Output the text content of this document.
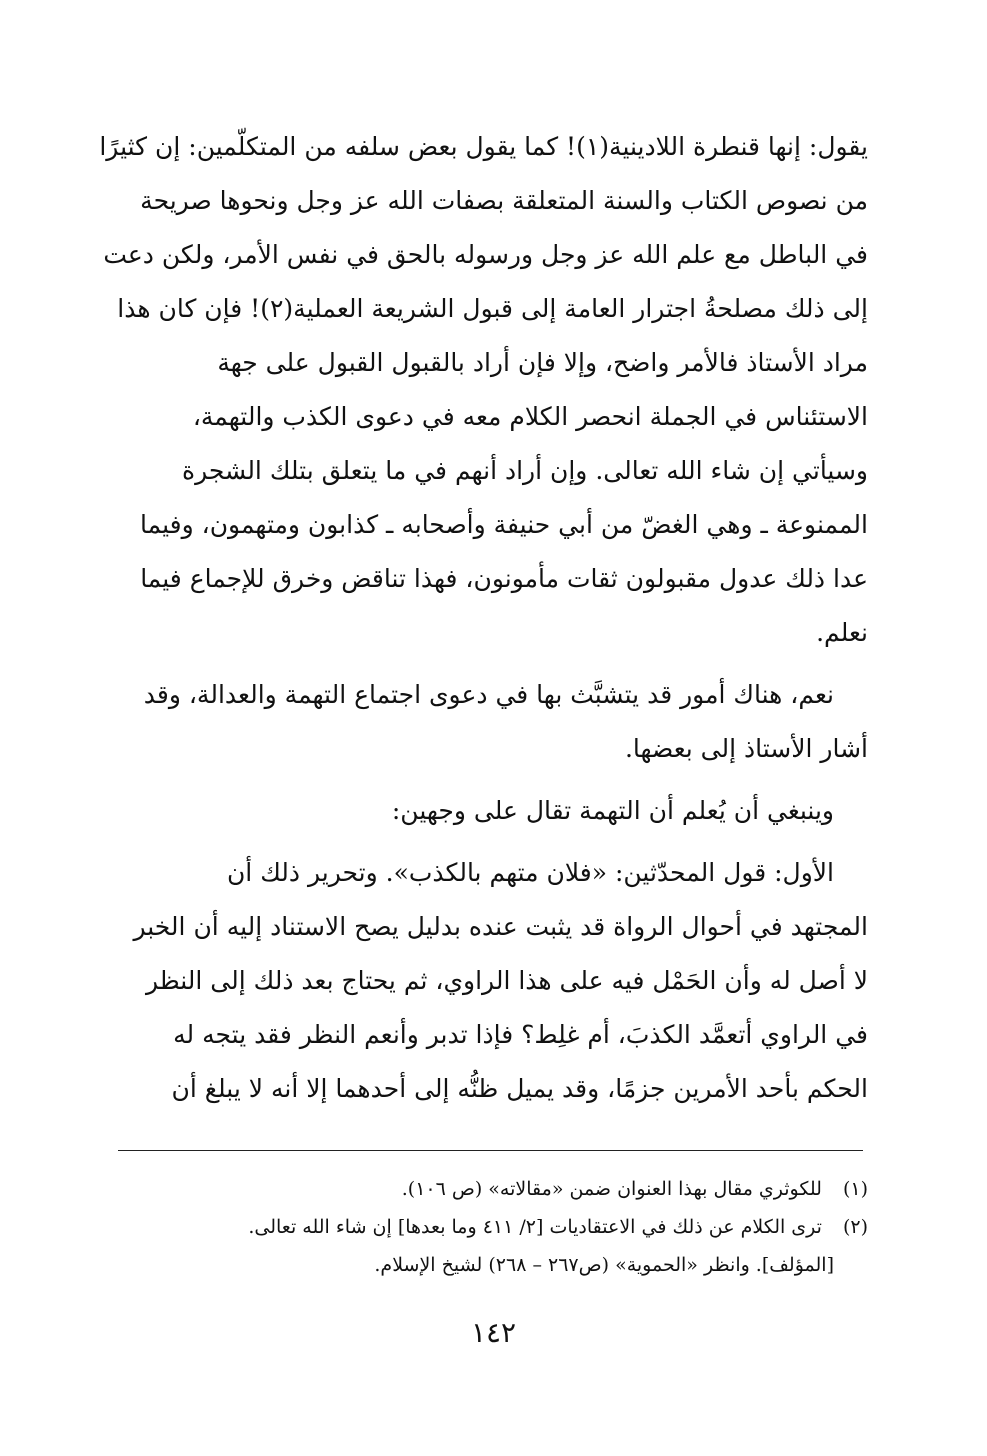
يقول: إنها قنطرة اللادينية(١)! كما يقول بعض سلفه من المتكلّمين: إن كثيرًا
من نصوص الكتاب والسنة المتعلقة بصفات الله عز وجل ونحوها صريحة
في الباطل مع علم الله عز وجل ورسوله بالحق في نفس الأمر، ولكن دعت
إلى ذلك مصلحةُ اجترار العامة إلى قبول الشريعة العملية(٢)! فإن كان هذا
مراد الأستاذ فالأمر واضح، وإلا فإن أراد بالقبول القبول على جهة
الاستئناس في الجملة انحصر الكلام معه في دعوى الكذب والتهمة،
وسيأتي إن شاء الله تعالى. وإن أراد أنهم في ما يتعلق بتلك الشجرة
الممنوعة ـ وهي الغضّ من أبي حنيفة وأصحابه ـ كذابون ومتهمون، وفيما
عدا ذلك عدول مقبولون ثقات مأمونون، فهذا تناقض وخرق للإجماع فيما
نعلم.

نعم، هناك أمور قد يتشبَّث بها في دعوى اجتماع التهمة والعدالة، وقد
أشار الأستاذ إلى بعضها.

وينبغي أن يُعلم أن التهمة تقال على وجهين:

الأول: قول المحدّثين: «فلان متهم بالكذب». وتحرير ذلك أن
المجتهد في أحوال الرواة قد يثبت عنده بدليل يصح الاستناد إليه أن الخبر
لا أصل له وأن الحَمْل فيه على هذا الراوي، ثم يحتاج بعد ذلك إلى النظر
في الراوي أتعمَّد الكذبَ، أم غلِط؟ فإذا تدبر وأنعم النظر فقد يتجه له
الحكم بأحد الأمرين جزمًا، وقد يميل ظنُّه إلى أحدهما إلا أنه لا يبلغ أن

(١) للكوثري مقال بهذا العنوان ضمن «مقالاته» (ص ١٠٦).
(٢) ترى الكلام عن ذلك في الاعتقاديات [٢/ ٤١١ وما بعدها] إن شاء الله تعالى.
[المؤلف]. وانظر «الحموية» (ص٢٦٧ – ٢٦٨) لشيخ الإسلام.
١٤٢
